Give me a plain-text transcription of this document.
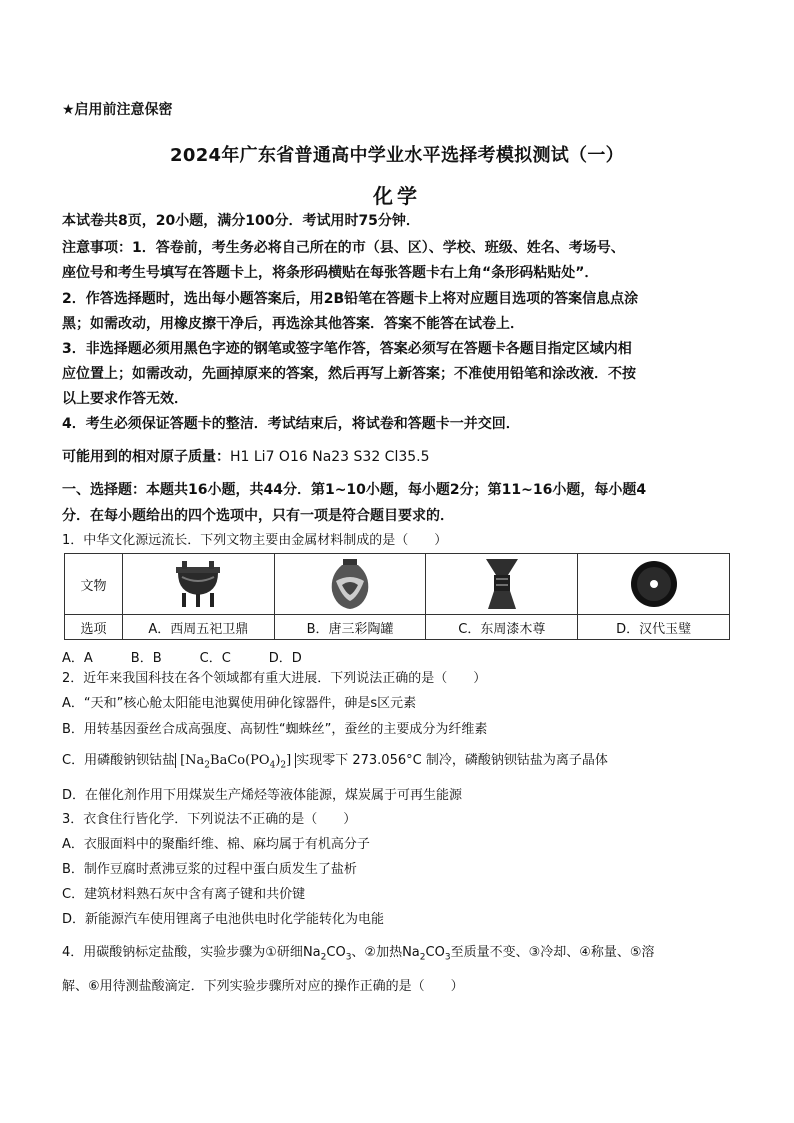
★启用前注意保密
2024年广东省普通高中学业水平选择考模拟测试（一）
化学
本试卷共8页，20小题，满分100分．考试用时75分钟．
注意事项：1．答卷前，考生务必将自己所在的市（县、区）、学校、班级、姓名、考场号、
座位号和考生号填写在答题卡上，将条形码横贴在每张答题卡右上角“条形码粘贴处”．
2．作答选择题时，选出每小题答案后，用2B铅笔在答题卡上将对应题目选项的答案信息点涂
黑；如需改动，用橡皮擦干净后，再选涂其他答案．答案不能答在试卷上．
3．非选择题必须用黑色字迹的钢笔或签字笔作答，答案必须写在答题卡各题目指定区域内相
应位置上；如需改动，先画掉原来的答案，然后再写上新答案；不准使用铅笔和涂改液．不按
以上要求作答无效．
4．考生必须保证答题卡的整洁．考试结束后，将试卷和答题卡一并交回．
可能用到的相对原子质量：H1 Li7 O16 Na23 S32 Cl35.5
一、选择题：本题共16小题，共44分．第1~10小题，每小题2分；第11~16小题，每小题4
分．在每小题给出的四个选项中，只有一项是符合题目要求的．
1．中华文化源远流长．下列文物主要由金属材料制成的是（　　）
文物	

选项	A．西周五祀卫鼎	B．唐三彩陶罐	C．东周漆木尊	D．汉代玉璧
A．A	B．B	C．C	D．D
2．近年来我国科技在各个领域都有重大进展．下列说法正确的是（　　）
A．“天和”核心舱太阳能电池翼使用砷化镓器件，砷是s区元素
B．用转基因蚕丝合成高强度、高韧性“蜘蛛丝”，蚕丝的主要成分为纤维素
C．用磷酸钠钡钴盐 $[Na_2BaCo(PO_4)_2]$ 实现零下 273.056°C 制冷，磷酸钠钡钴盐为离子晶体
D．在催化剂作用下用煤炭生产烯烃等液体能源，煤炭属于可再生能源
3．衣食住行皆化学．下列说法不正确的是（　　）
A．衣服面料中的聚酯纤维、棉、麻均属于有机高分子
B．制作豆腐时煮沸豆浆的过程中蛋白质发生了盐析
C．建筑材料熟石灰中含有离子键和共价键
D．新能源汽车使用锂离子电池供电时化学能转化为电能
4．用碳酸钠标定盐酸，实验步骤为①研细$Na_2CO_3$、②加热$Na_2CO_3$至质量不变、③冷却、④称量、⑤溶
解、⑥用待测盐酸滴定．下列实验步骤所对应的操作正确的是（　　）
